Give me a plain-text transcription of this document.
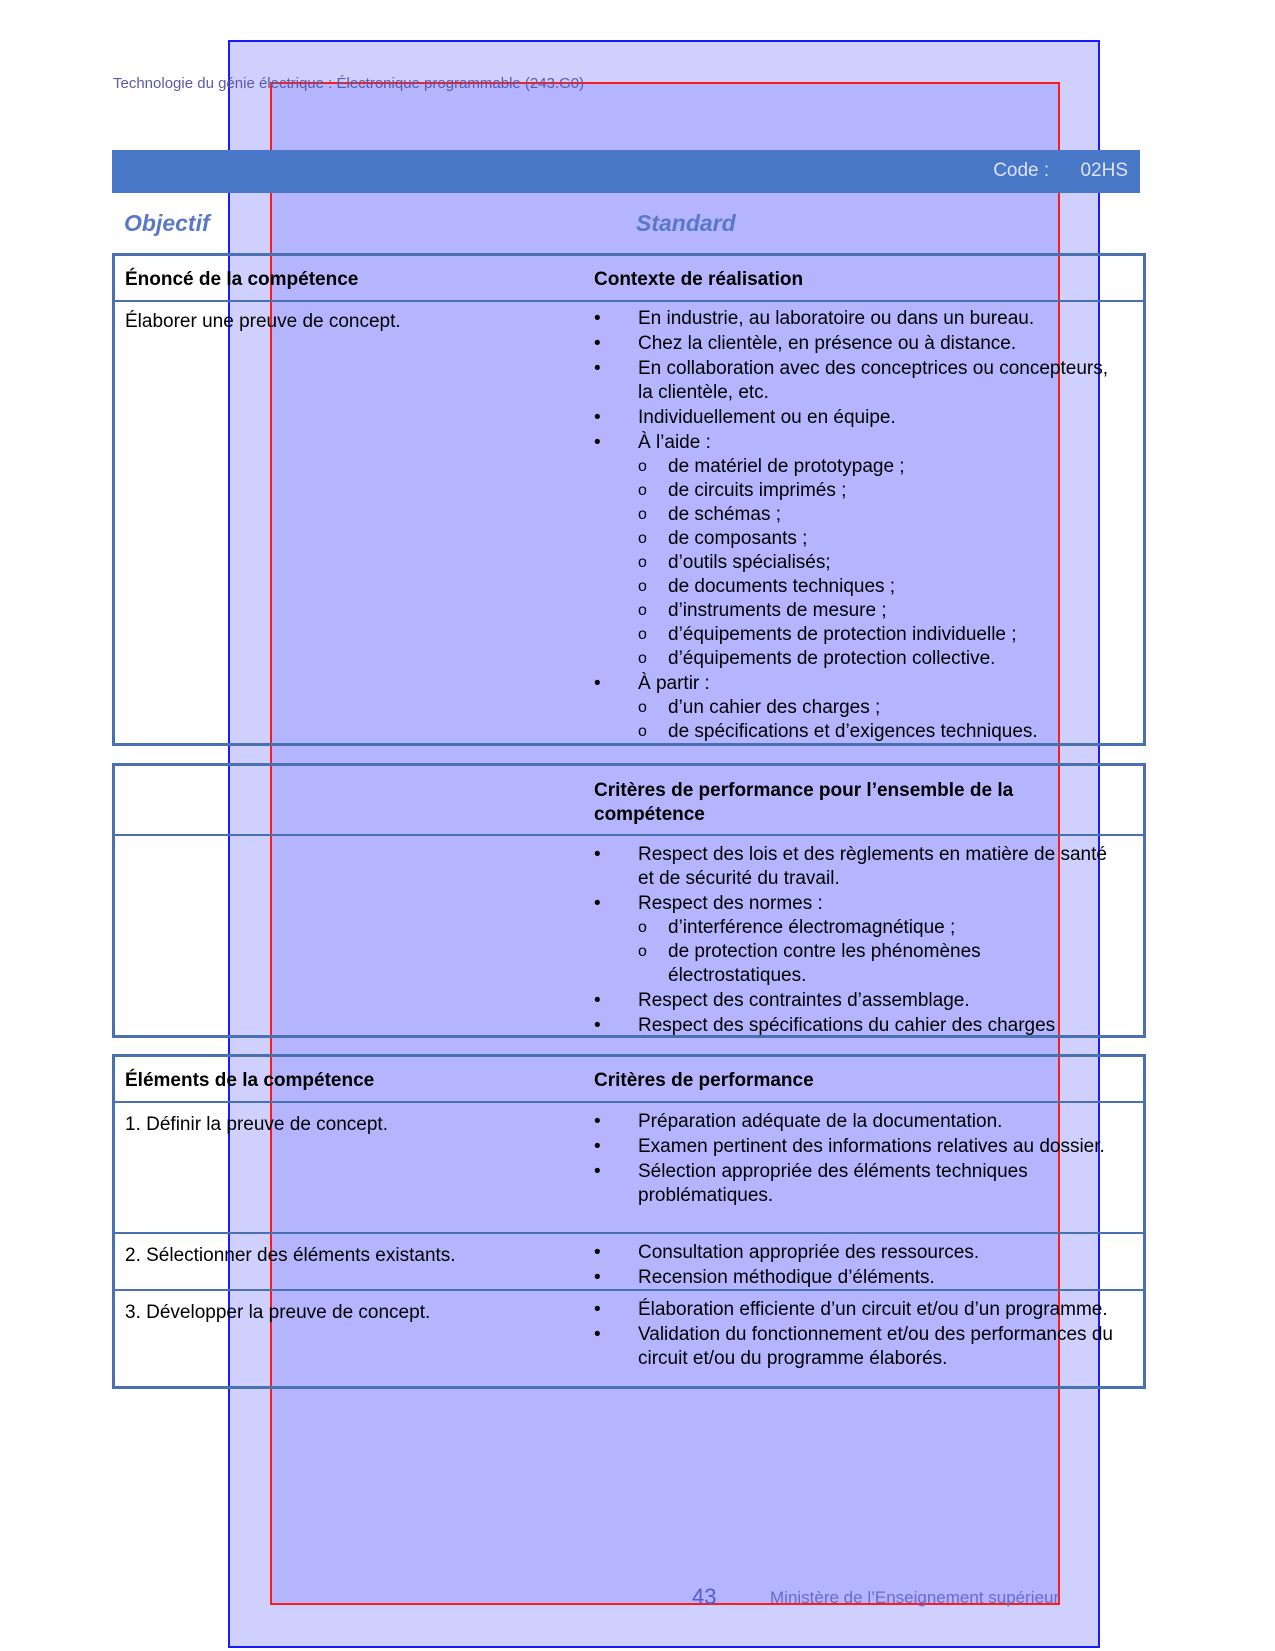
Technologie du génie électrique : Électronique programmable (243.G0)
Code : 02HS
Objectif	Standard
Énoncé de la compétence	Contexte de réalisation
Élaborer une preuve de concept.	• En industrie, au laboratoire ou dans un bureau.
• Chez la clientèle, en présence ou à distance.
• En collaboration avec des conceptrices ou concepteurs, la clientèle, etc.
• Individuellement ou en équipe.
• À l’aide :
o de matériel de prototypage ;
o de circuits imprimés ;
o de schémas ;
o de composants ;
o d’outils spécialisés;
o de documents techniques ;
o d’instruments de mesure ;
o d’équipements de protection individuelle ;
o d’équipements de protection collective.
• À partir :
o d’un cahier des charges ;
o de spécifications et d’exigences techniques.
Critères de performance pour l’ensemble de la compétence
• Respect des lois et des règlements en matière de santé et de sécurité du travail.
• Respect des normes :
o d’interférence électromagnétique ;
o de protection contre les phénomènes électrostatiques.
• Respect des contraintes d’assemblage.
• Respect des spécifications du cahier des charges
Éléments de la compétence	Critères de performance
1. Définir la preuve de concept.	• Préparation adéquate de la documentation.
• Examen pertinent des informations relatives au dossier.
• Sélection appropriée des éléments techniques problématiques.
2. Sélectionner des éléments existants.	• Consultation appropriée des ressources.
• Recension méthodique d’éléments.
3. Développer la preuve de concept.	• Élaboration efficiente d’un circuit et/ou d’un programme.
• Validation du fonctionnement et/ou des performances du circuit et/ou du programme élaborés.
43	Ministère de l’Enseignement supérieur
